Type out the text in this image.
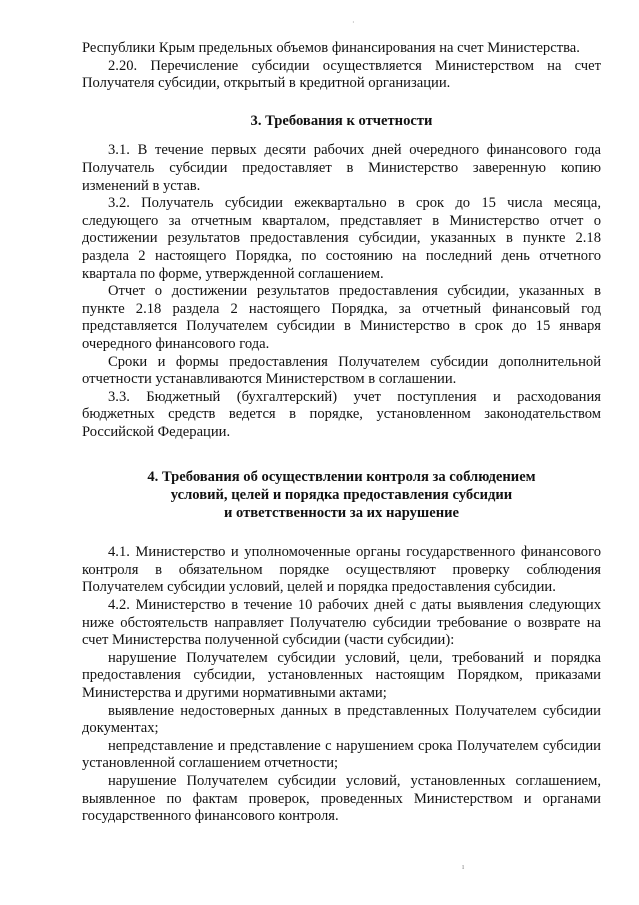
Республики Крым предельных объемов финансирования на счет Министерства.

2.20. Перечисление субсидии осуществляется Министерством на счет Получателя субсидии, открытый в кредитной организации.

3. Требования к отчетности

3.1. В течение первых десяти рабочих дней очередного финансового года Получатель субсидии предоставляет в Министерство заверенную копию изменений в устав.

3.2. Получатель субсидии ежеквартально в срок до 15 числа месяца, следующего за отчетным кварталом, представляет в Министерство отчет о достижении результатов предоставления субсидии, указанных в пункте 2.18 раздела 2 настоящего Порядка, по состоянию на последний день отчетного квартала по форме, утвержденной соглашением.

Отчет о достижении результатов предоставления субсидии, указанных в пункте 2.18 раздела 2 настоящего Порядка, за отчетный финансовый год представляется Получателем субсидии в Министерство в срок до 15 января очередного финансового года.

Сроки и формы предоставления Получателем субсидии дополнительной отчетности устанавливаются Министерством в соглашении.

3.3. Бюджетный (бухгалтерский) учет поступления и расходования бюджетных средств ведется в порядке, установленном законодательством Российской Федерации.

4. Требования об осуществлении контроля за соблюдением
условий, целей и порядка предоставления субсидии
и ответственности за их нарушение

4.1. Министерство и уполномоченные органы государственного финансового контроля в обязательном порядке осуществляют проверку соблюдения Получателем субсидии условий, целей и порядка предоставления субсидии.

4.2. Министерство в течение 10 рабочих дней с даты выявления следующих ниже обстоятельств направляет Получателю субсидии требование о возврате на счет Министерства полученной субсидии (части субсидии):

нарушение Получателем субсидии условий, цели, требований и порядка предоставления субсидии, установленных настоящим Порядком, приказами Министерства и другими нормативными актами;

выявление недостоверных данных в представленных Получателем субсидии документах;

непредставление и представление с нарушением срока Получателем субсидии установленной соглашением отчетности;

нарушение Получателем субсидии условий, установленных соглашением, выявленное по фактам проверок, проведенных Министерством и органами государственного финансового контроля.

·
ı
